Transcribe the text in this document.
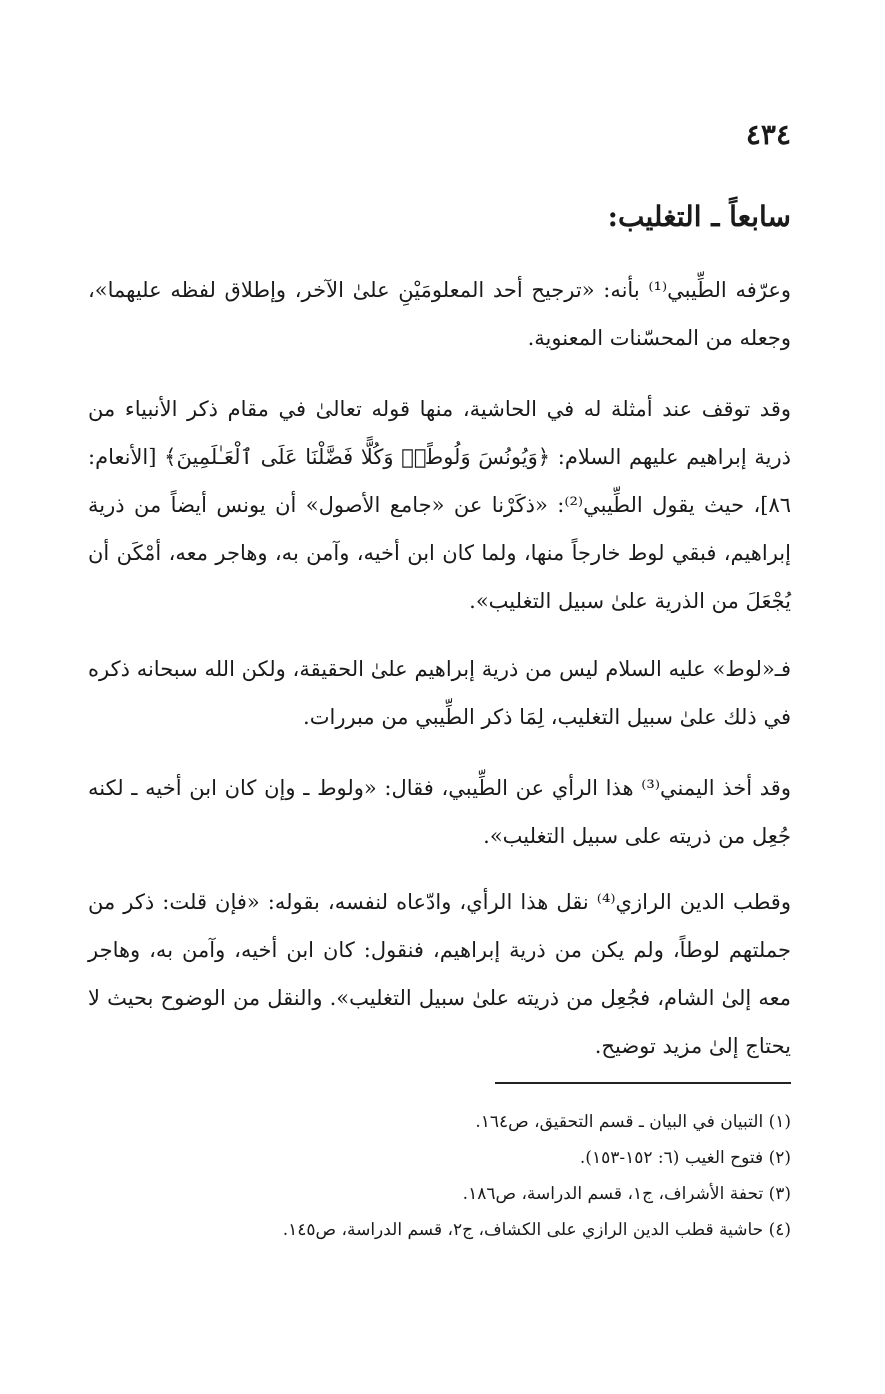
٤٣٤
سابعاً ـ التغليب:

وعرّفه الطِّيبي⁽¹⁾ بأنه: «ترجيح أحد المعلومَيْنِ علىٰ الآخر، وإطلاق لفظه عليهما»، وجعله من المحسّنات المعنوية.

وقد توقف عند أمثلة له في الحاشية، منها قوله تعالىٰ في مقام ذكر الأنبياء من ذرية إبراهيم عليهم السلام: ﴿وَيُونُسَ وَلُوطًاۚ وَكُلًّا فَضَّلْنَا عَلَى ٱلْعَـٰلَمِينَ﴾ [الأنعام: ٨٦]، حيث يقول الطِّيبي⁽²⁾: «ذكَرْنا عن «جامع الأصول» أن يونس أيضاً من ذرية إبراهيم، فبقي لوط خارجاً منها، ولما كان ابن أخيه، وآمن به، وهاجر معه، أمْكَن أن يُجْعَلَ من الذرية علىٰ سبيل التغليب».

فـ«لوط» عليه السلام ليس من ذرية إبراهيم علىٰ الحقيقة، ولكن الله سبحانه ذكره في ذلك علىٰ سبيل التغليب، لِمَا ذكر الطِّيبي من مبررات.

وقد أخذ اليمني⁽³⁾ هذا الرأي عن الطِّيبي، فقال: «ولوط ـ وإن كان ابن أخيه ـ لكنه جُعِل من ذريته على سبيل التغليب».

وقطب الدين الرازي⁽⁴⁾ نقل هذا الرأي، وادّعاه لنفسه، بقوله: «فإن قلت: ذكر من جملتهم لوطاً، ولم يكن من ذرية إبراهيم، فنقول: كان ابن أخيه، وآمن به، وهاجر معه إلىٰ الشام، فجُعِل من ذريته علىٰ سبيل التغليب». والنقل من الوضوح بحيث لا يحتاج إلىٰ مزيد توضيح.

(١) التبيان في البيان ـ قسم التحقيق، ص١٦٤.
(٢) فتوح الغيب (٦: ١٥٢-١٥٣).
(٣) تحفة الأشراف، ج١، قسم الدراسة، ص١٨٦.
(٤) حاشية قطب الدين الرازي على الكشاف، ج٢، قسم الدراسة، ص١٤٥.
